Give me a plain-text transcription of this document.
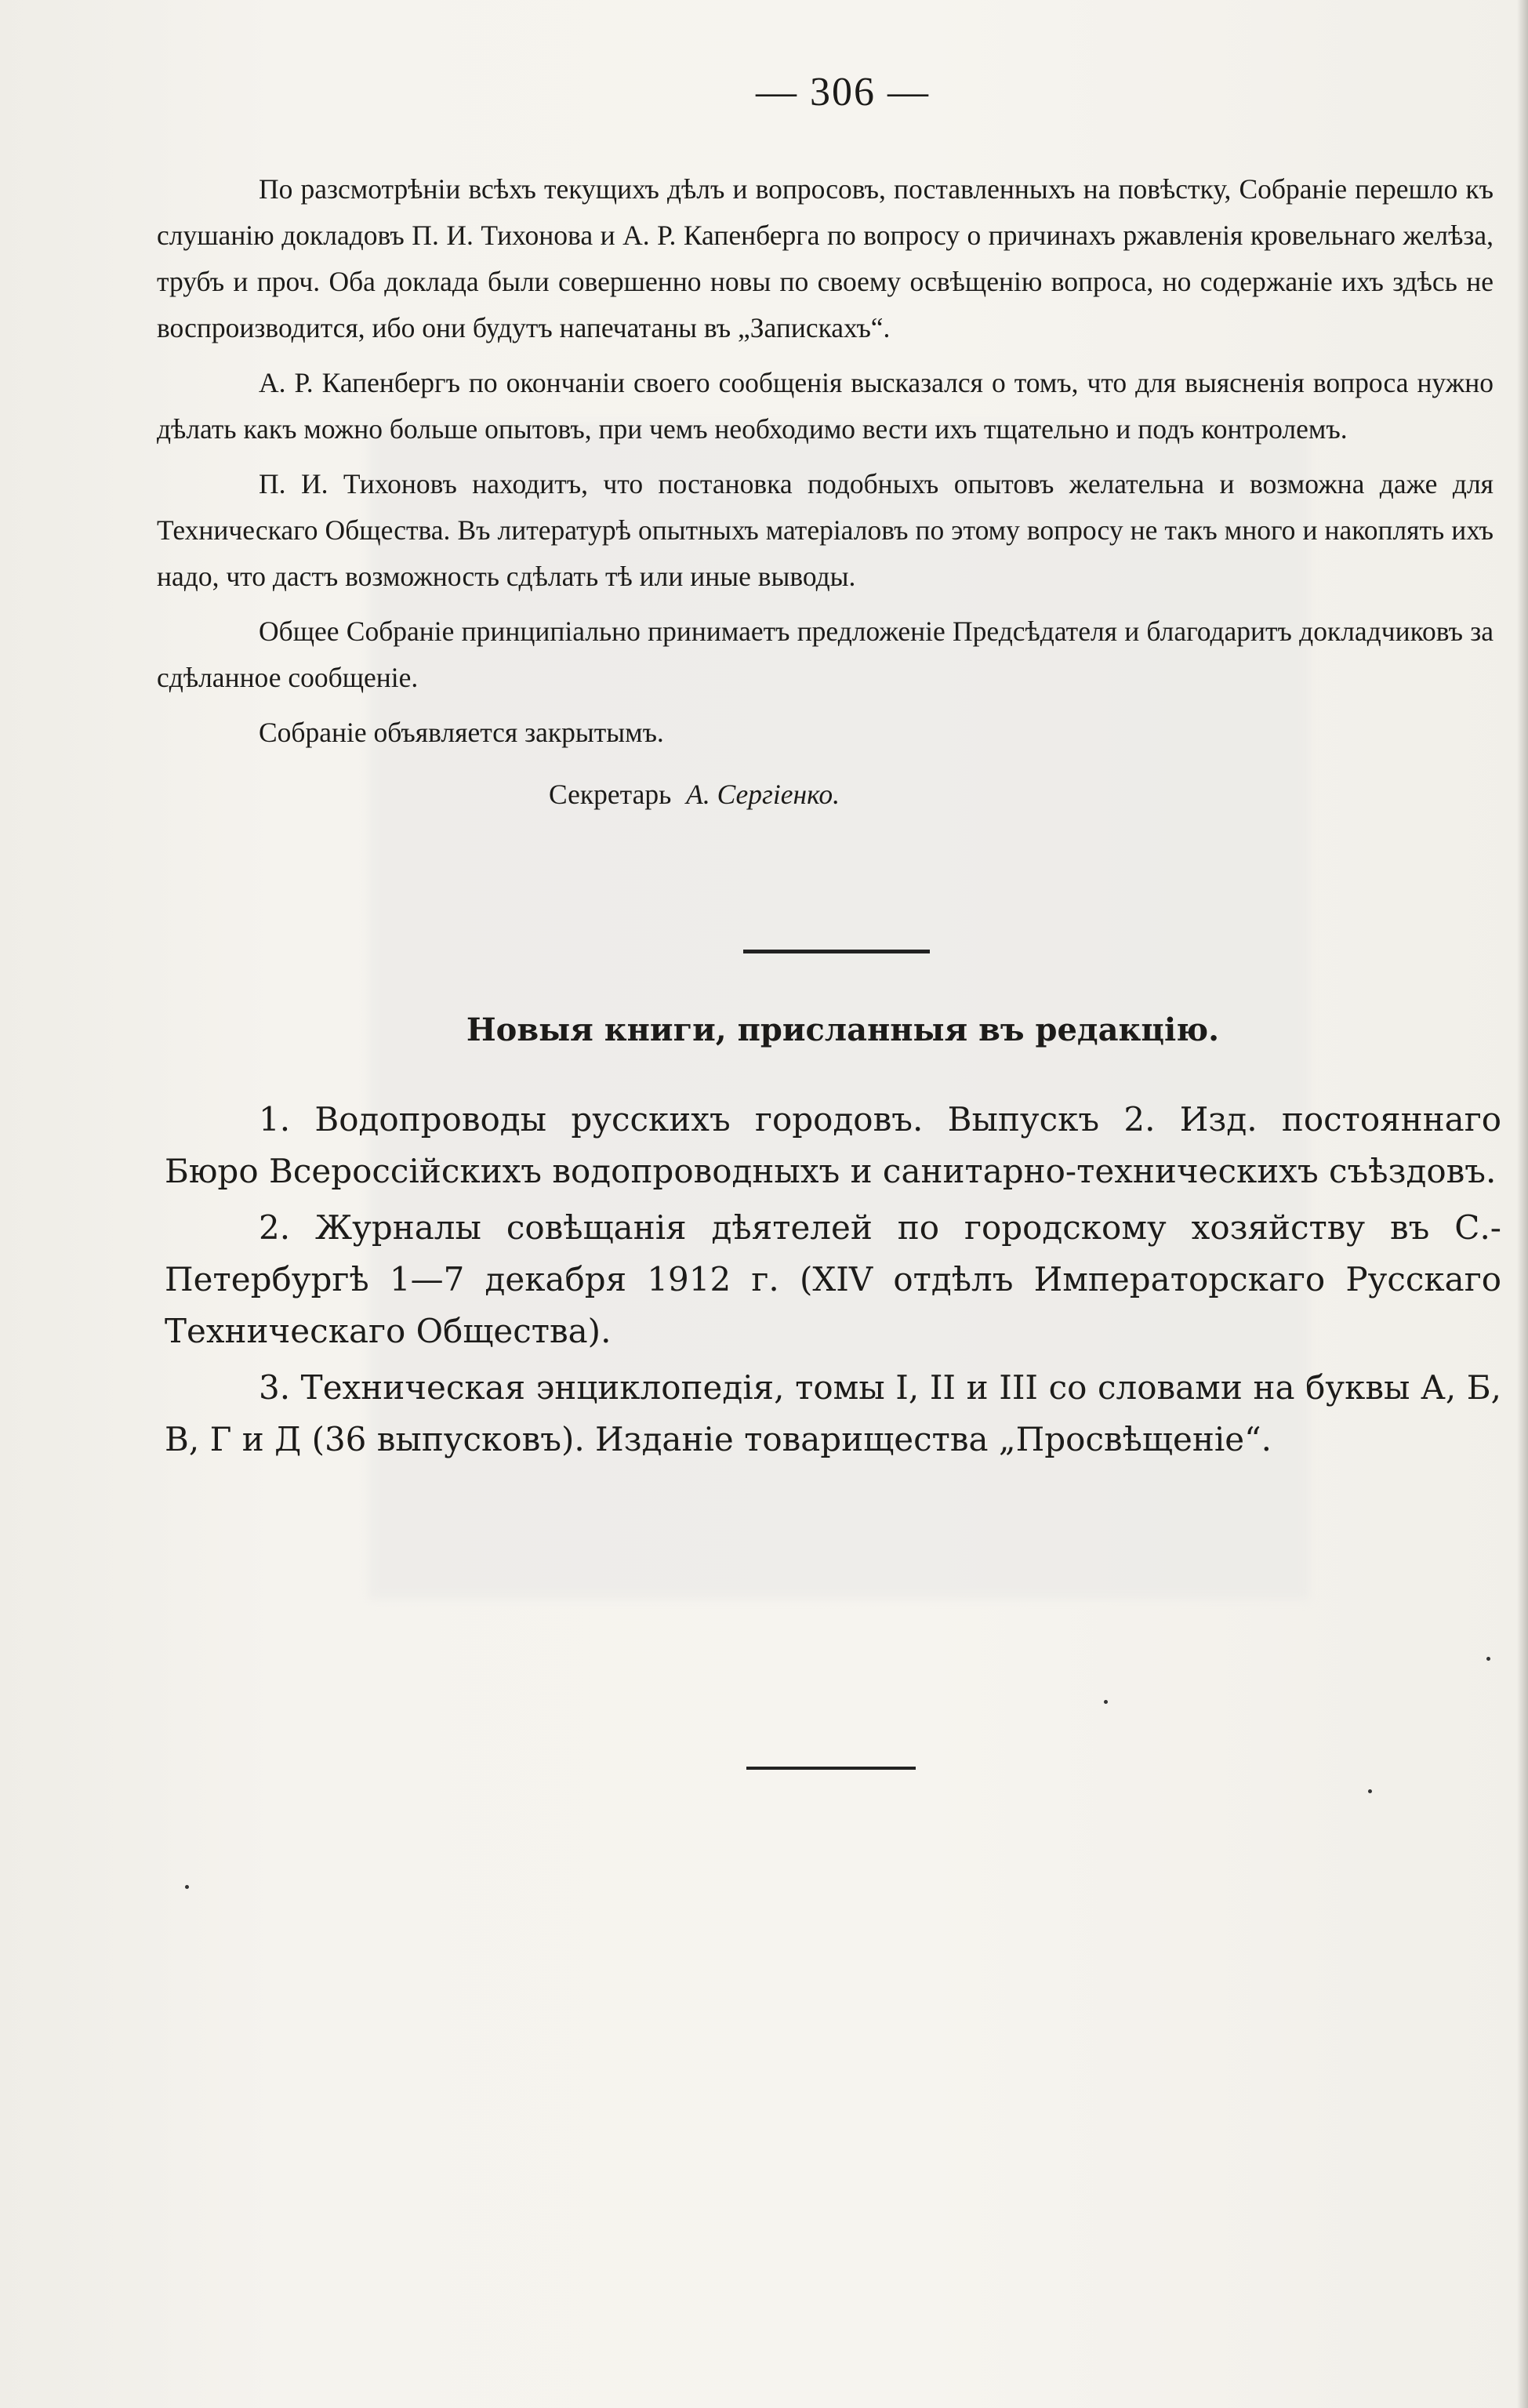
— 306 —

По разсмотрѣніи всѣхъ текущихъ дѣлъ и вопросовъ, поставленныхъ на повѣстку, Собраніе перешло къ слушанію докладовъ П. И. Тихонова и А. Р. Капенберга по вопросу о причинахъ ржавленія кровельнаго желѣза, трубъ и проч. Оба доклада были совершенно новы по своему освѣщенію вопроса, но содержаніе ихъ здѣсь не воспроизводится, ибо они будутъ напечатаны въ „Запискахъ“.

А. Р. Капенбергъ по окончаніи своего сообщенія высказался о томъ, что для выясненія вопроса нужно дѣлать какъ можно больше опытовъ, при чемъ необходимо вести ихъ тщательно и подъ контролемъ.

П. И. Тихоновъ находитъ, что постановка подобныхъ опытовъ желательна и возможна даже для Техническаго Общества. Въ литературѣ опытныхъ матеріаловъ по этому вопросу не такъ много и накоплять ихъ надо, что дастъ возможность сдѣлать тѣ или иные выводы.

Общее Собраніе принципіально принимаетъ предложеніе Предсѣдателя и благодаритъ докладчиковъ за сдѣланное сообщеніе.

Собраніе объявляется закрытымъ.

Секретарь А. Сергіенко.

Новыя книги, присланныя въ редакцію.

1. Водопроводы русскихъ городовъ. Выпускъ 2. Изд. постояннаго Бюро Всероссійскихъ водопроводныхъ и санитарно-техническихъ съѣздовъ.

2. Журналы совѣщанія дѣятелей по городскому хозяйству въ С.-Петербургѣ 1—7 декабря 1912 г. (XIV отдѣлъ Императорскаго Русскаго Техническаго Общества).

3. Техническая энциклопедія, томы I, II и III со словами на буквы А, Б, В, Г и Д (36 выпусковъ). Изданіе товарищества „Просвѣщеніе“.
